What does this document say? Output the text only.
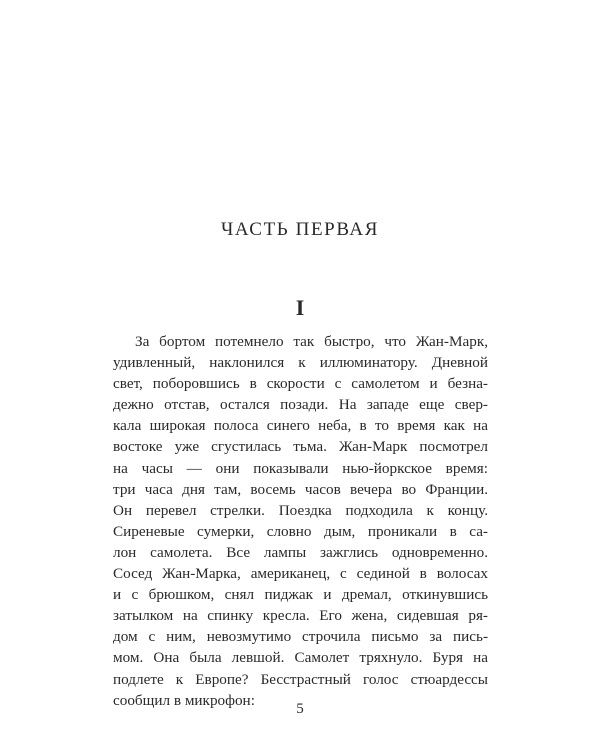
ЧАСТЬ ПЕРВАЯ
I
За бортом потемнело так быстро, что Жан-Марк,
удивленный, наклонился к иллюминатору. Дневной
свет, поборовшись в скорости с самолетом и безна-
дежно отстав, остался позади. На западе еще свер-
кала широкая полоса синего неба, в то время как на
востоке уже сгустилась тьма. Жан-Марк посмотрел
на часы — они показывали нью-йоркское время:
три часа дня там, восемь часов вечера во Франции.
Он перевел стрелки. Поездка подходила к концу.
Сиреневые сумерки, словно дым, проникали в са-
лон самолета. Все лампы зажглись одновременно.
Сосед Жан-Марка, американец, с сединой в волосах
и с брюшком, снял пиджак и дремал, откинувшись
затылком на спинку кресла. Его жена, сидевшая ря-
дом с ним, невозмутимо строчила письмо за пись-
мом. Она была левшой. Самолет тряхнуло. Буря на
подлете к Европе? Бесстрастный голос стюардессы
сообщил в микрофон:
5
